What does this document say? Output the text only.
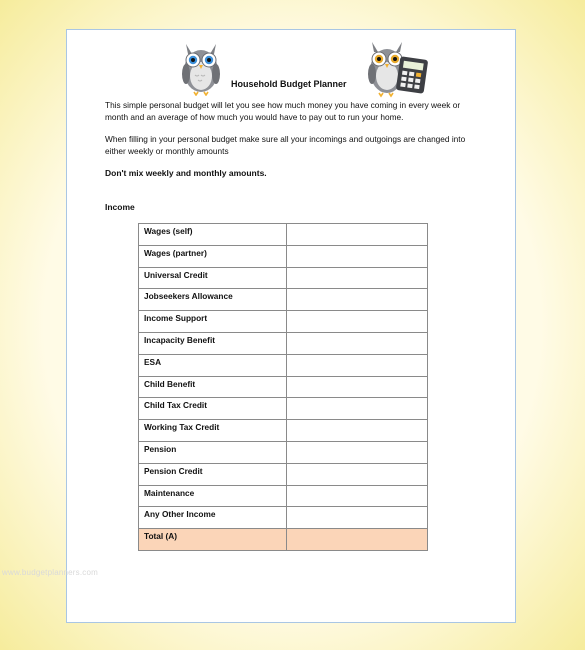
Household Budget Planner
This simple personal budget will let you see how much money you have coming in every week or month and an average of how much you would have to pay out to run your home.
When filling in your personal budget make sure all your incomings and outgoings are changed into either weekly or monthly amounts
Don't mix weekly and monthly amounts.
Income
Wages (self)	
Wages (partner)	
Universal Credit	
Jobseekers Allowance	
Income Support	
Incapacity Benefit	
ESA	
Child Benefit	
Child Tax Credit	
Working Tax Credit	
Pension	
Pension Credit	
Maintenance	
Any Other Income	
Total (A)	
www.budgetplanners.com
